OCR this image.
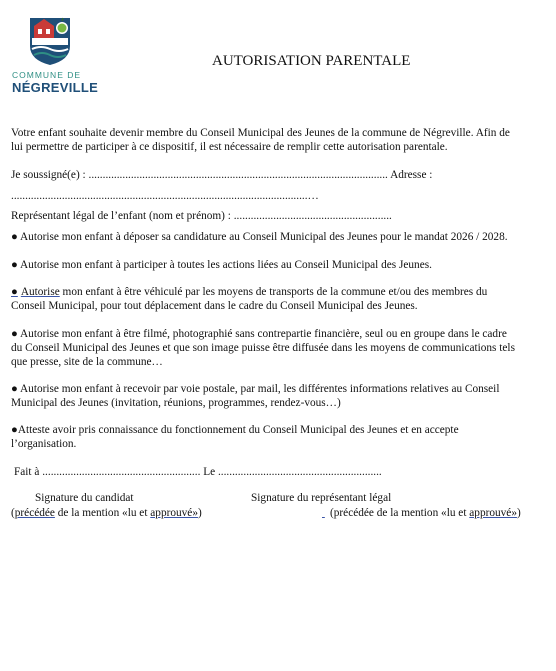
COMMUNE DE
NÉGREVILLE
AUTORISATION PARENTALE
Votre enfant souhaite devenir membre du Conseil Municipal des Jeunes de la commune de Négreville. Afin de
lui permettre de participer à ce dispositif, il est nécessaire de remplir cette autorisation parentale.
Je soussigné(e) : .......................................................................................................... Adresse :
.........................................................................................................…
Représentant légal de l’enfant (nom et prénom) : ........................................................
● Autorise mon enfant à déposer sa candidature au Conseil Municipal des Jeunes pour le mandat 2026 / 2028.
● Autorise mon enfant à participer à toutes les actions liées au Conseil Municipal des Jeunes.
● Autorise mon enfant à être véhiculé par les moyens de transports de la commune et/ou des membres du
Conseil Municipal, pour tout déplacement dans le cadre du Conseil Municipal des Jeunes.
● Autorise mon enfant à être filmé, photographié sans contrepartie financière, seul ou en groupe dans le cadre
du Conseil Municipal des Jeunes et que son image puisse être diffusée dans les moyens de communications tels
que presse, site de la commune…
● Autorise mon enfant à recevoir par voie postale, par mail, les différentes informations relatives au Conseil
Municipal des Jeunes (invitation, réunions, programmes, rendez-vous…)
●Atteste avoir pris connaissance du fonctionnement du Conseil Municipal des Jeunes et en accepte
l’organisation.
Fait à ........................................................ Le ..........................................................
Signature du candidat	Signature du représentant légal
(précédée de la mention «lu et approuvé»)	(précédée de la mention «lu et approuvé»)
